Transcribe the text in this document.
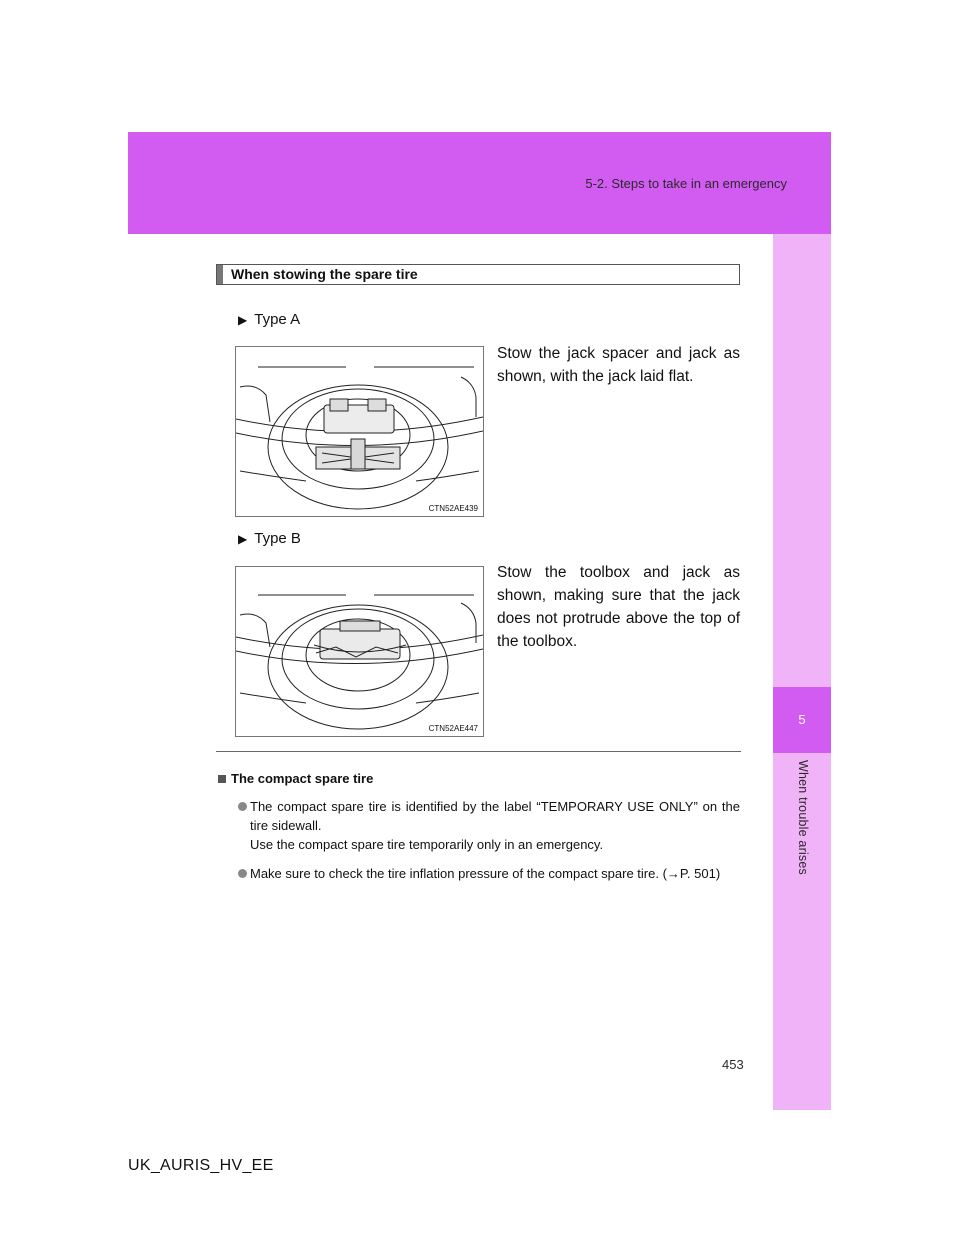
5-2. Steps to take in an emergency
5
When trouble arises
When stowing the spare tire
▶ Type A
Stow the jack spacer and jack as shown, with the jack laid flat.
CTN52AE439
▶ Type B
Stow the toolbox and jack as shown, making sure that the jack does not protrude above the top of the toolbox.
CTN52AE447
The compact spare tire
The compact spare tire is identified by the label “TEMPORARY USE ONLY” on the tire sidewall.
Use the compact spare tire temporarily only in an emergency.
Make sure to check the tire inflation pressure of the compact spare tire. (→P. 501)
453
UK_AURIS_HV_EE
